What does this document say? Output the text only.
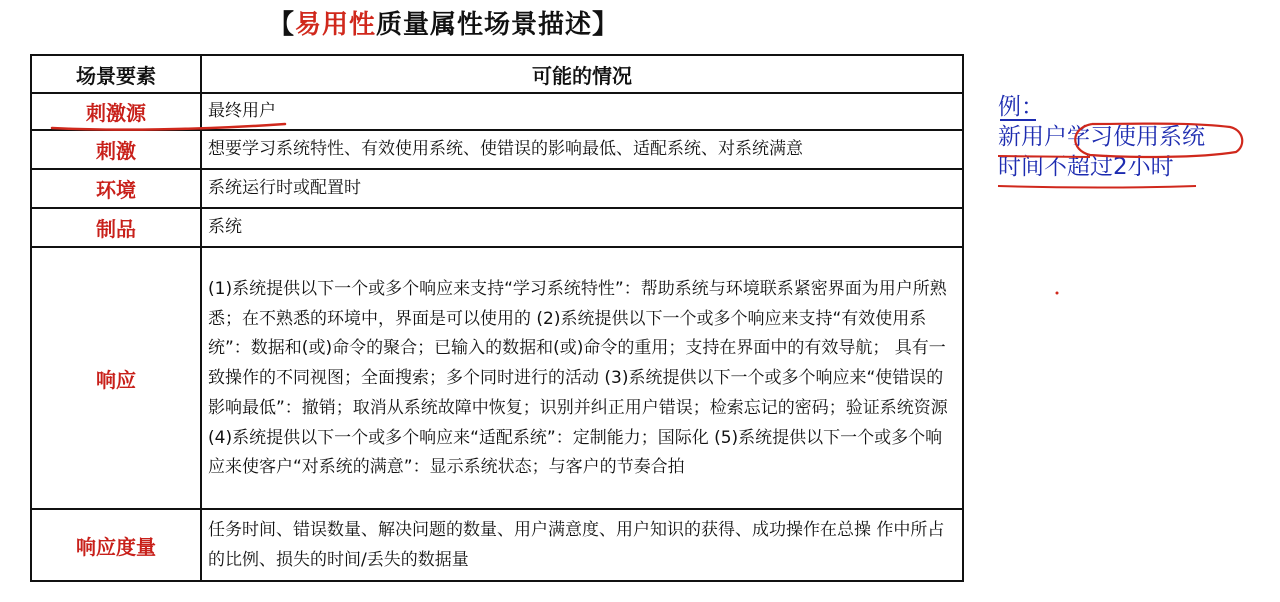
【易用性质量属性场景描述】
场景要素	可能的情况
刺激源	最终用户
刺激	想要学习系统特性、有效使用系统、使错误的影响最低、适配系统、对系统满意
环境	系统运行时或配置时
制品	系统
响应	(1)系统提供以下一个或多个响应来支持“学习系统特性”：帮助系统与环境联系紧密界面为用户所熟悉；在不熟悉的环境中，界面是可以使用的 (2)系统提供以下一个或多个响应来支持“有效使用系统”：数据和(或)命令的聚合；已输入的数据和(或)命令的重用；支持在界面中的有效导航； 具有一致操作的不同视图；全面搜索；多个同时进行的活动 (3)系统提供以下一个或多个响应来“使错误的影响最低”：撤销；取消从系统故障中恢复；识别并纠正用户错误；检索忘记的密码；验证系统资源 (4)系统提供以下一个或多个响应来“适配系统”：定制能力；国际化 (5)系统提供以下一个或多个响应来使客户“对系统的满意”：显示系统状态；与客户的节奏合拍
响应度量	任务时间、错误数量、解决问题的数量、用户满意度、用户知识的获得、成功操作在总操 作中所占的比例、损失的时间/丢失的数据量
例：
新用户学习使用系统
时间不超过2小时
